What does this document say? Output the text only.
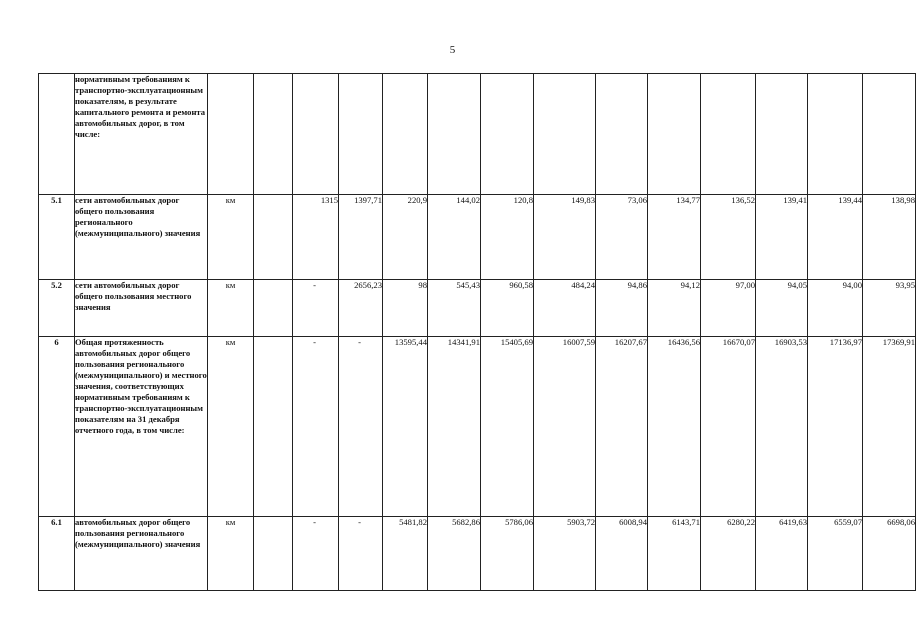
5
	нормативным требованиям к транспортно-эксплуатационным показателям, в результате капитального ремонта и ремонта автомобильных дорог, в том числе:														
5.1	сети автомобильных дорог общего пользования регионального (межмуниципального) значения	км		1315	1397,71	220,9	144,02	120,8	149,83	73,06	134,77	136,52	139,41	139,44	138,98
5.2	сети автомобильных дорог общего пользования местного значения	км		-	2656,23	98	545,43	960,58	484,24	94,86	94,12	97,00	94,05	94,00	93,95
6	Общая протяженность автомобильных дорог общего пользования регионального (межмуниципального) и местного значения, соответствующих нормативным требованиям к транспортно-эксплуатационным показателям на 31 декабря отчетного года, в том числе:	км		-	-	13595,44	14341,91	15405,69	16007,59	16207,67	16436,56	16670,07	16903,53	17136,97	17369,91
6.1	автомобильных дорог общего пользования регионального (межмуниципального) значения	км		-	-	5481,82	5682,86	5786,06	5903,72	6008,94	6143,71	6280,22	6419,63	6559,07	6698,06
